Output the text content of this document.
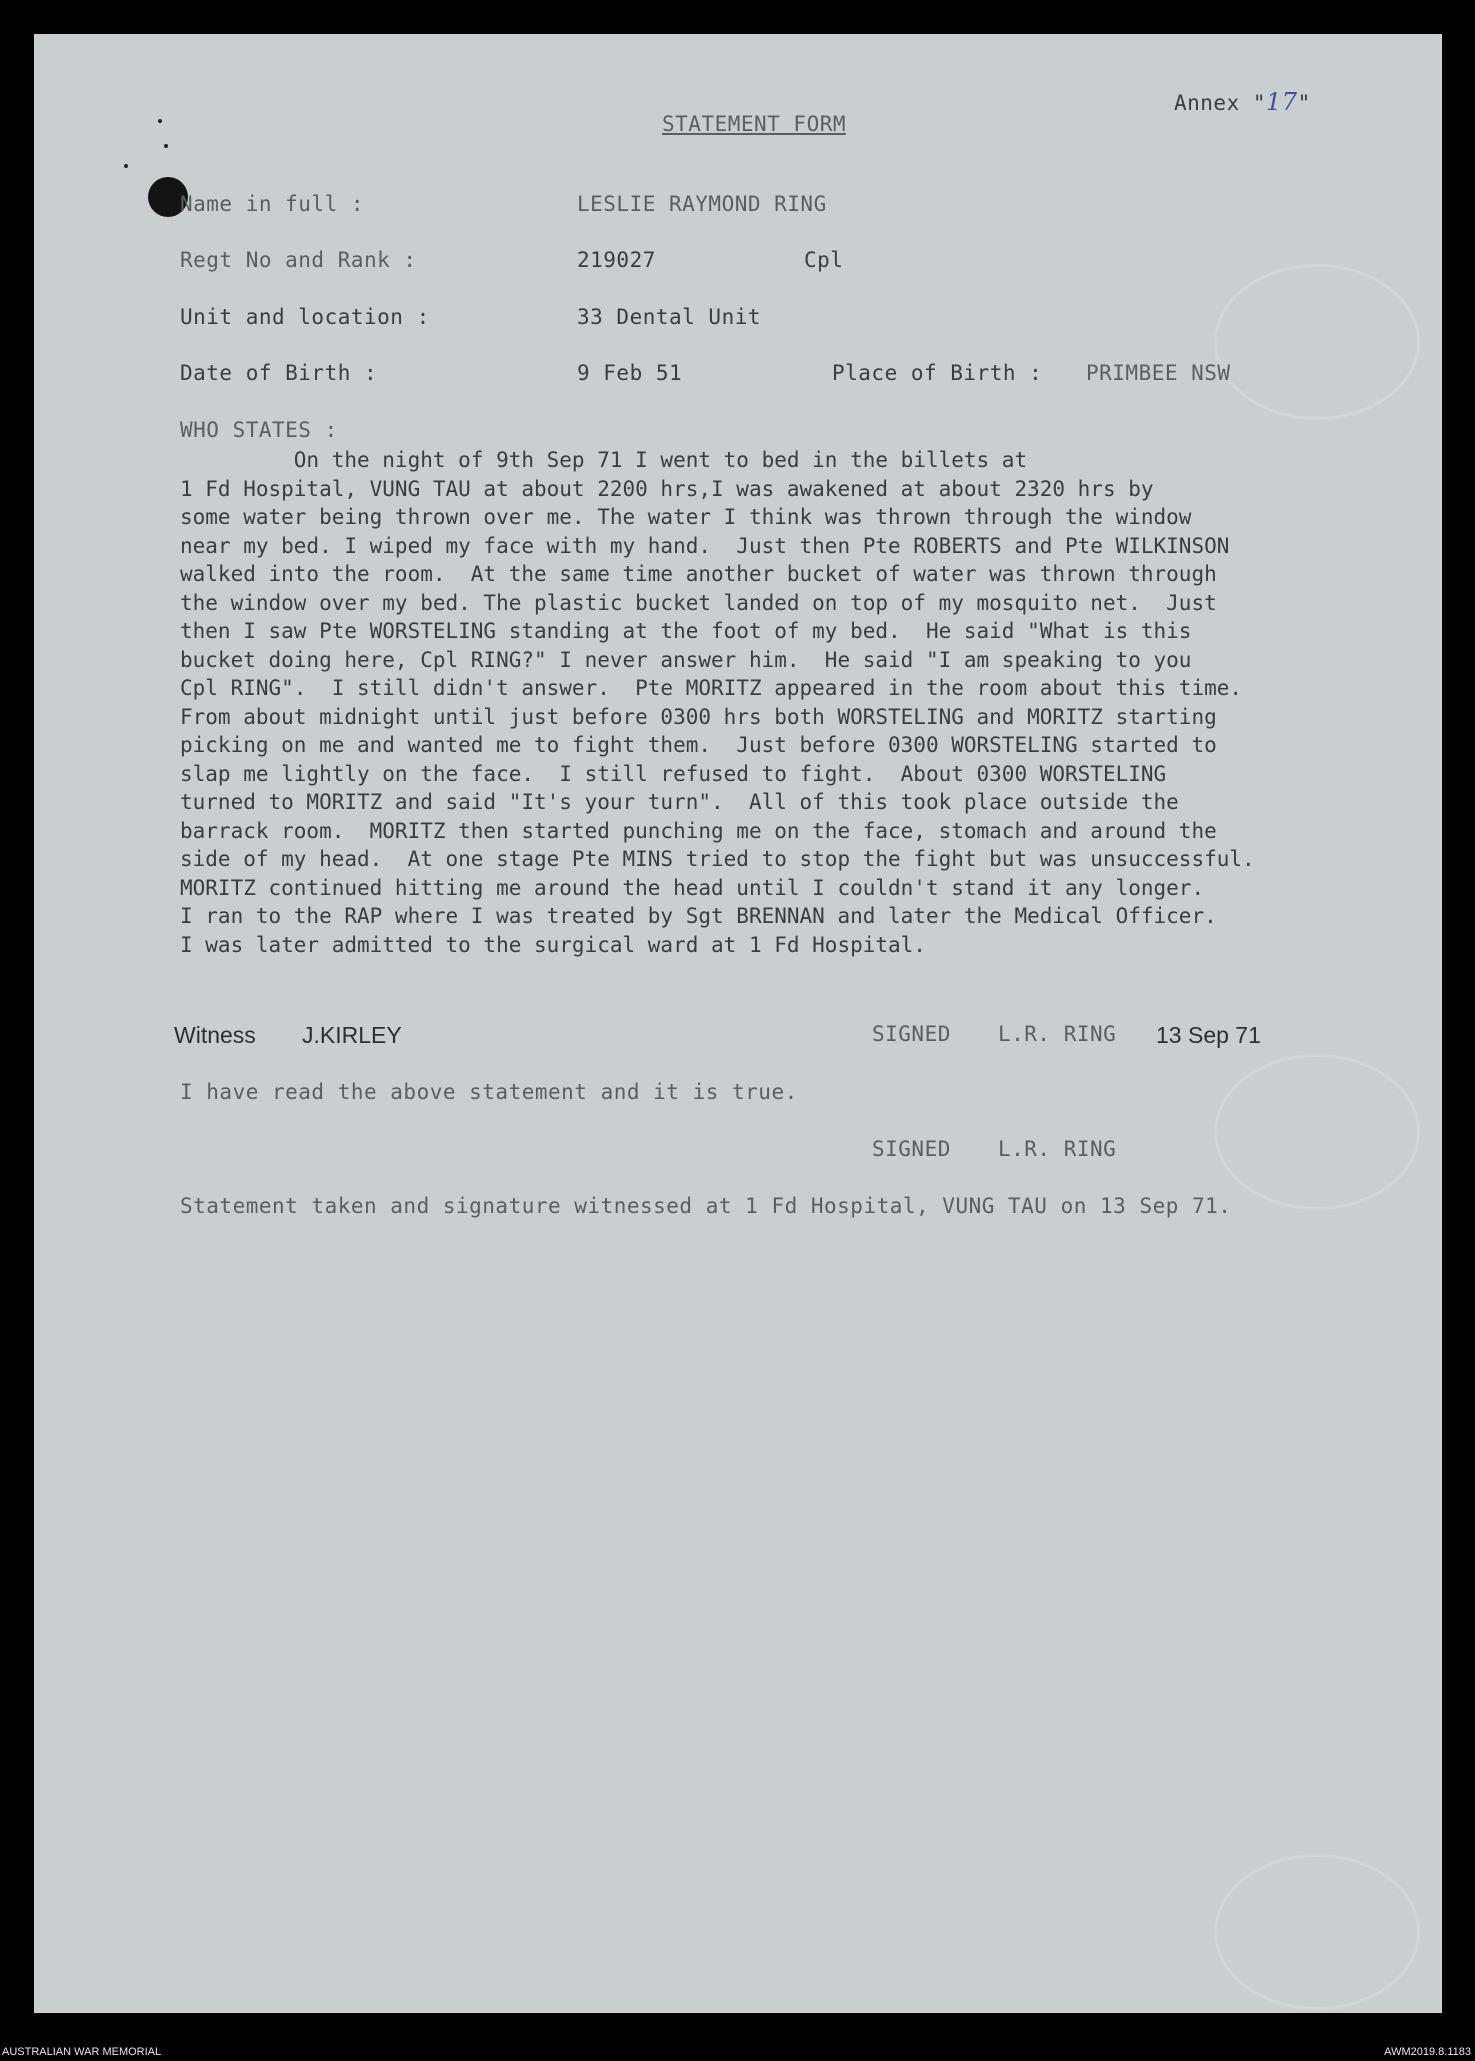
Annex "17"
STATEMENT FORM
Name in full :	LESLIE RAYMOND RING
Regt No and Rank :	219027	Cpl
Unit and location :	33 Dental Unit
Date of Birth :	9 Feb 51	Place of Birth : PRIMBEE NSW
WHO STATES :
On the night of 9th Sep 71 I went to bed in the billets at
1 Fd Hospital, VUNG TAU at about 2200 hrs,I was awakened at about 2320 hrs by
some water being thrown over me. The water I think was thrown through the window
near my bed. I wiped my face with my hand.  Just then Pte ROBERTS and Pte WILKINSON
walked into the room.  At the same time another bucket of water was thrown through
the window over my bed. The plastic bucket landed on top of my mosquito net.  Just
then I saw Pte WORSTELING standing at the foot of my bed.  He said "What is this
bucket doing here, Cpl RING?" I never answer him.  He said "I am speaking to you
Cpl RING".  I still didn't answer.  Pte MORITZ appeared in the room about this time.
From about midnight until just before 0300 hrs both WORSTELING and MORITZ starting
picking on me and wanted me to fight them.  Just before 0300 WORSTELING started to
slap me lightly on the face.  I still refused to fight.  About 0300 WORSTELING
turned to MORITZ and said "It's your turn".  All of this took place outside the
barrack room.  MORITZ then started punching me on the face, stomach and around the
side of my head.  At one stage Pte MINS tried to stop the fight but was unsuccessful.
MORITZ continued hitting me around the head until I couldn't stand it any longer.
I ran to the RAP where I was treated by Sgt BRENNAN and later the Medical Officer.
I was later admitted to the surgical ward at 1 Fd Hospital.
Witness J.KIRLEY	SIGNED L.R. RING 13 Sep 71
I have read the above statement and it is true.
SIGNED L.R. RING
Statement taken and signature witnessed at 1 Fd Hospital, VUNG TAU on 13 Sep 71.
AUSTRALIAN WAR MEMORIAL	AWM2019.8.1183
